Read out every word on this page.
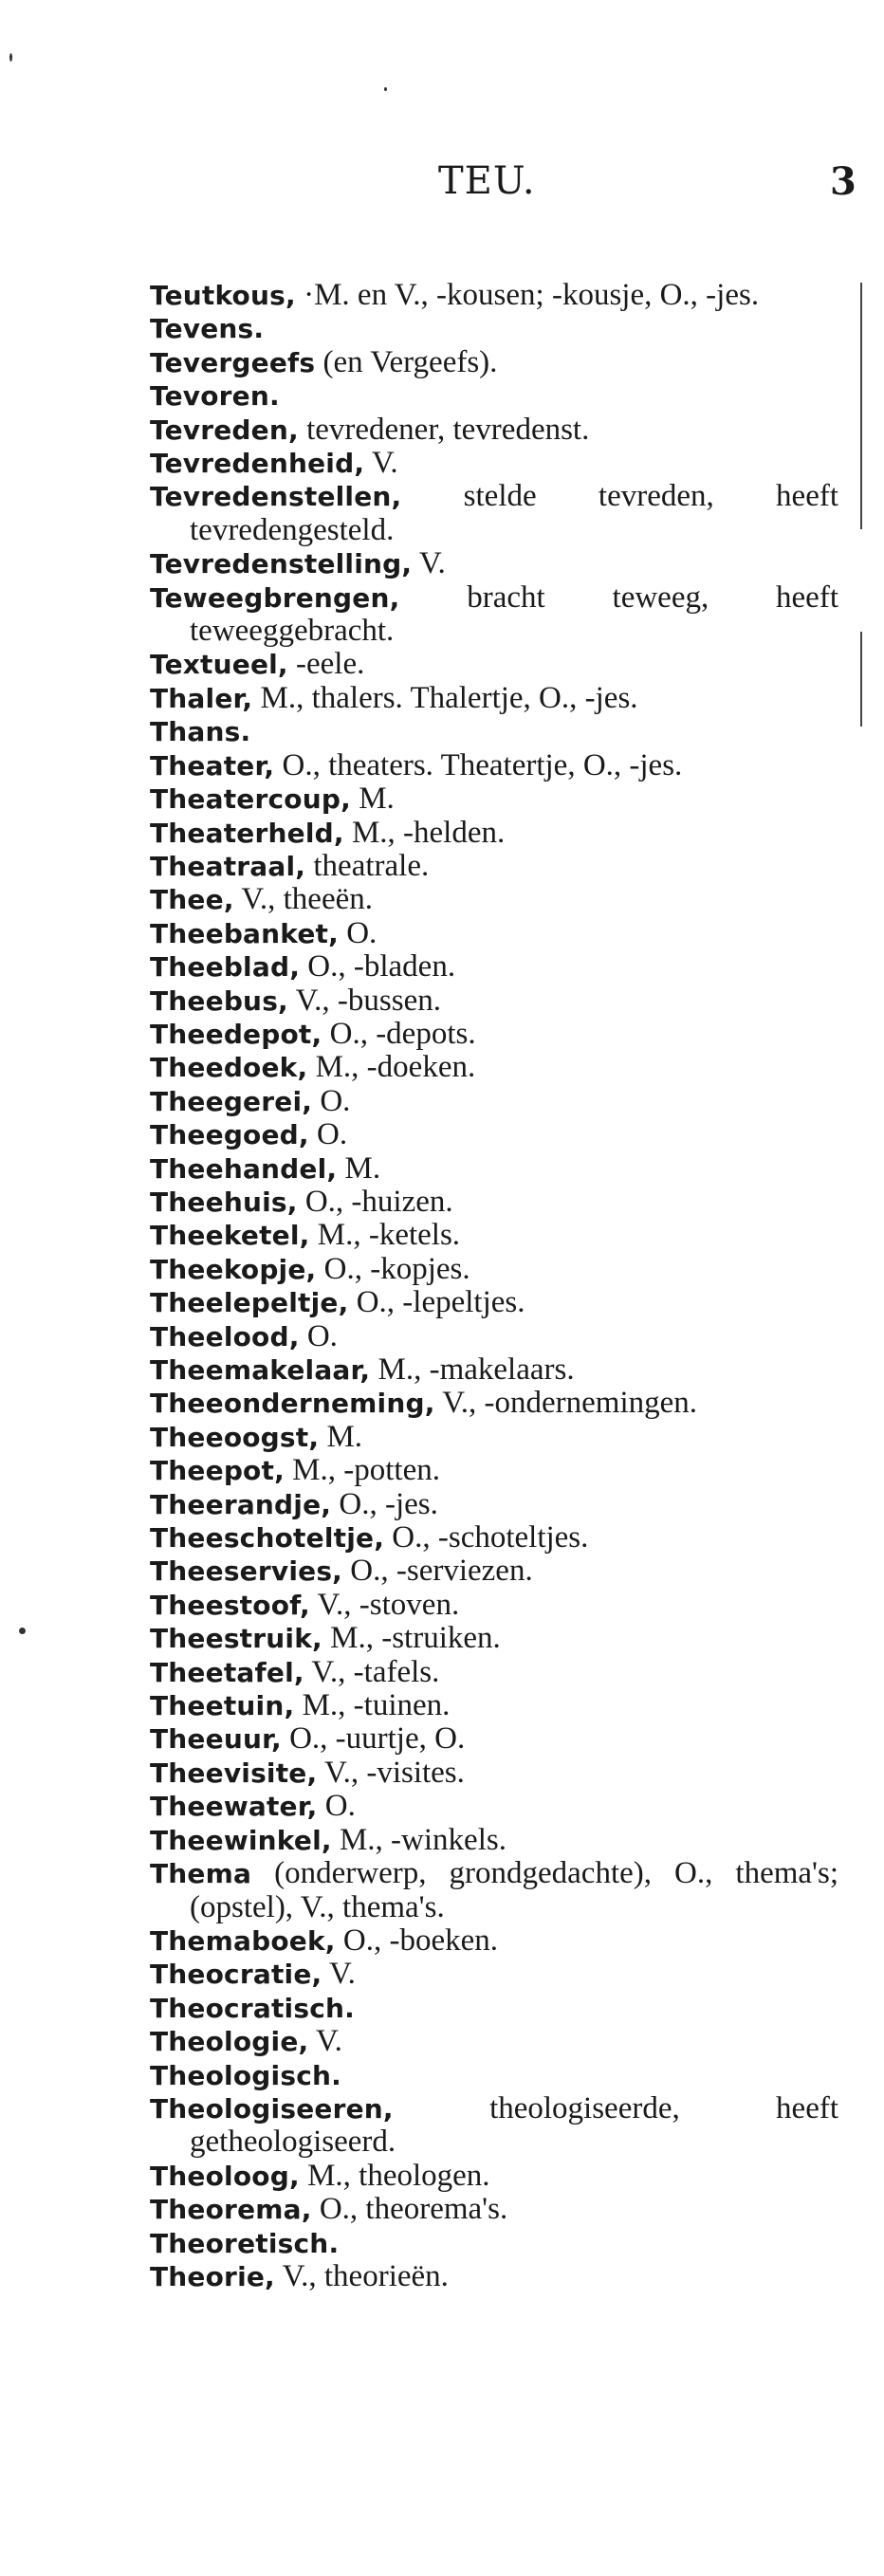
TEU.	3
Teutkous, ·M. en V., -kousen; -kousje, O., -jes.
Tevens.
Tevergeefs (en Vergeefs).
Tevoren.
Tevreden, tevredener, tevredenst.
Tevredenheid, V.
Tevredenstellen, stelde tevreden, heeft tevredengesteld.
Tevredenstelling, V.
Teweegbrengen, bracht teweeg, heeft teweeggebracht.
Textueel, -eele.
Thaler, M., thalers. Thalertje, O., -jes.
Thans.
Theater, O., theaters. Theatertje, O., -jes.
Theatercoup, M.
Theaterheld, M., -helden.
Theatraal, theatrale.
Thee, V., theeën.
Theebanket, O.
Theeblad, O., -bladen.
Theebus, V., -bussen.
Theedepot, O., -depots.
Theedoek, M., -doeken.
Theegerei, O.
Theegoed, O.
Theehandel, M.
Theehuis, O., -huizen.
Theeketel, M., -ketels.
Theekopje, O., -kopjes.
Theelepeltje, O., -lepeltjes.
Theelood, O.
Theemakelaar, M., -makelaars.
Theeonderneming, V., -ondernemingen.
Theeoogst, M.
Theepot, M., -potten.
Theerandje, O., -jes.
Theeschoteltje, O., -schoteltjes.
Theeservies, O., -serviezen.
Theestoof, V., -stoven.
Theestruik, M., -struiken.
Theetafel, V., -tafels.
Theetuin, M., -tuinen.
Theeuur, O., -uurtje, O.
Theevisite, V., -visites.
Theewater, O.
Theewinkel, M., -winkels.
Thema (onderwerp, grondgedachte), O., thema's; (opstel), V., thema's.
Themaboek, O., -boeken.
Theocratie, V.
Theocratisch.
Theologie, V.
Theologisch.
Theologiseeren,	theologiseerde, heeft getheologiseerd.
Theoloog, M., theologen.
Theorema, O., theorema's.
Theoretisch.
Theorie, V., theorieën.
